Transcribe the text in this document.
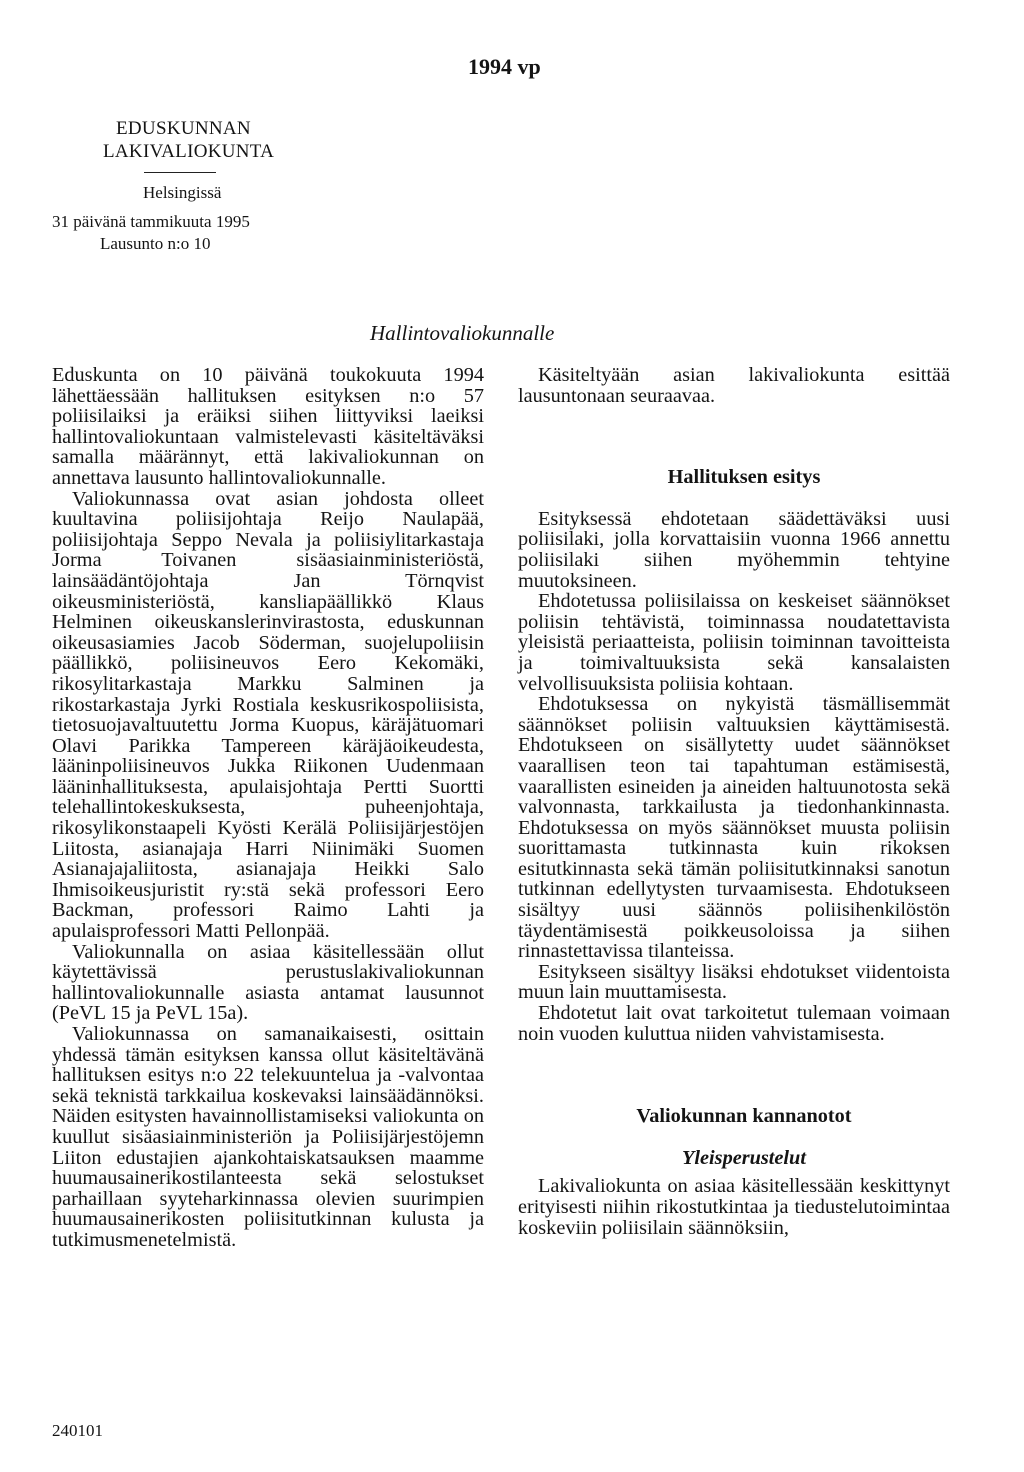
1994 vp
EDUSKUNNAN
LAKIVALIOKUNTA
Helsingissä
31 päivänä tammikuuta 1995
Lausunto n:o 10
Hallintovaliokunnalle

Eduskunta on 10 päivänä toukokuuta 1994 lähettäessään hallituksen esityksen n:o 57 poliisilaiksi ja eräiksi siihen liittyviksi laeiksi hallintovaliokuntaan valmistelevasti käsiteltäväksi samalla määrännyt, että lakivaliokunnan on annettava lausunto hallintovaliokunnalle.

Valiokunnassa ovat asian johdosta olleet kuultavina poliisijohtaja Reijo Naulapää, poliisijohtaja Seppo Nevala ja poliisiylitarkastaja Jorma Toivanen sisäasiainministeriöstä, lainsäädäntöjohtaja Jan Törnqvist oikeusministeriöstä, kansliapäällikkö Klaus Helminen oikeuskanslerinvirastosta, eduskunnan oikeusasiamies Jacob Söderman, suojelupoliisin päällikkö, poliisineuvos Eero Kekomäki, rikosylitarkastaja Markku Salminen ja rikostarkastaja Jyrki Rostiala keskusrikospoliisista, tietosuojavaltuutettu Jorma Kuopus, käräjätuomari Olavi Parikka Tampereen käräjäoikeudesta, lääninpoliisineuvos Jukka Riikonen Uudenmaan lääninhallituksesta, apulaisjohtaja Pertti Suortti telehallintokeskuksesta, puheenjohtaja, rikosylikonstaapeli Kyösti Kerälä Poliisijärjestöjen Liitosta, asianajaja Harri Niinimäki Suomen Asianajajaliitosta, asianajaja Heikki Salo Ihmisoikeusjuristit ry:stä sekä professori Eero Backman, professori Raimo Lahti ja apulaisprofessori Matti Pellonpää.

Valiokunnalla on asiaa käsitellessään ollut käytettävissä perustuslakivaliokunnan hallintovaliokunnalle asiasta antamat lausunnot (PeVL 15 ja PeVL 15a).

Valiokunnassa on samanaikaisesti, osittain yhdessä tämän esityksen kanssa ollut käsiteltävänä hallituksen esitys n:o 22 telekuuntelua ja -valvontaa sekä teknistä tarkkailua koskevaksi lainsäädännöksi. Näiden esitysten havainnollistamiseksi valiokunta on kuullut sisäasiainministeriön ja Poliisijärjestöjemn Liiton edustajien ajankohtaiskatsauksen maamme huumausainerikostilanteesta sekä selostukset parhaillaan syyteharkinnassa olevien suurimpien huumausainerikosten poliisitutkinnan kulusta ja tutkimusmenetelmistä.

Käsiteltyään asian lakivaliokunta esittää lausuntonaan seuraavaa.

Hallituksen esitys

Esityksessä ehdotetaan säädettäväksi uusi poliisilaki, jolla korvattaisiin vuonna 1966 annettu poliisilaki siihen myöhemmin tehtyine muutoksineen.

Ehdotetussa poliisilaissa on keskeiset säännökset poliisin tehtävistä, toiminnassa noudatettavista yleisistä periaatteista, poliisin toiminnan tavoitteista ja toimivaltuuksista sekä kansalaisten velvollisuuksista poliisia kohtaan.

Ehdotuksessa on nykyistä täsmällisemmät säännökset poliisin valtuuksien käyttämisestä. Ehdotukseen on sisällytetty uudet säännökset vaarallisen teon tai tapahtuman estämisestä, vaarallisten esineiden ja aineiden haltuunotosta sekä valvonnasta, tarkkailusta ja tiedonhankinnasta. Ehdotuksessa on myös säännökset muusta poliisin suorittamasta tutkinnasta kuin rikoksen esitutkinnasta sekä tämän poliisitutkinnaksi sanotun tutkinnan edellytysten turvaamisesta. Ehdotukseen sisältyy uusi säännös poliisihenkilöstön täydentämisestä poikkeusoloissa ja siihen rinnastettavissa tilanteissa.

Esitykseen sisältyy lisäksi ehdotukset viidentoista muun lain muuttamisesta.

Ehdotetut lait ovat tarkoitetut tulemaan voimaan noin vuoden kuluttua niiden vahvistamisesta.

Valiokunnan kannanotot

Yleisperustelut

Lakivaliokunta on asiaa käsitellessään keskittynyt erityisesti niihin rikostutkintaa ja tiedustelutoimintaa koskeviin poliisilain säännöksiin,

240101
